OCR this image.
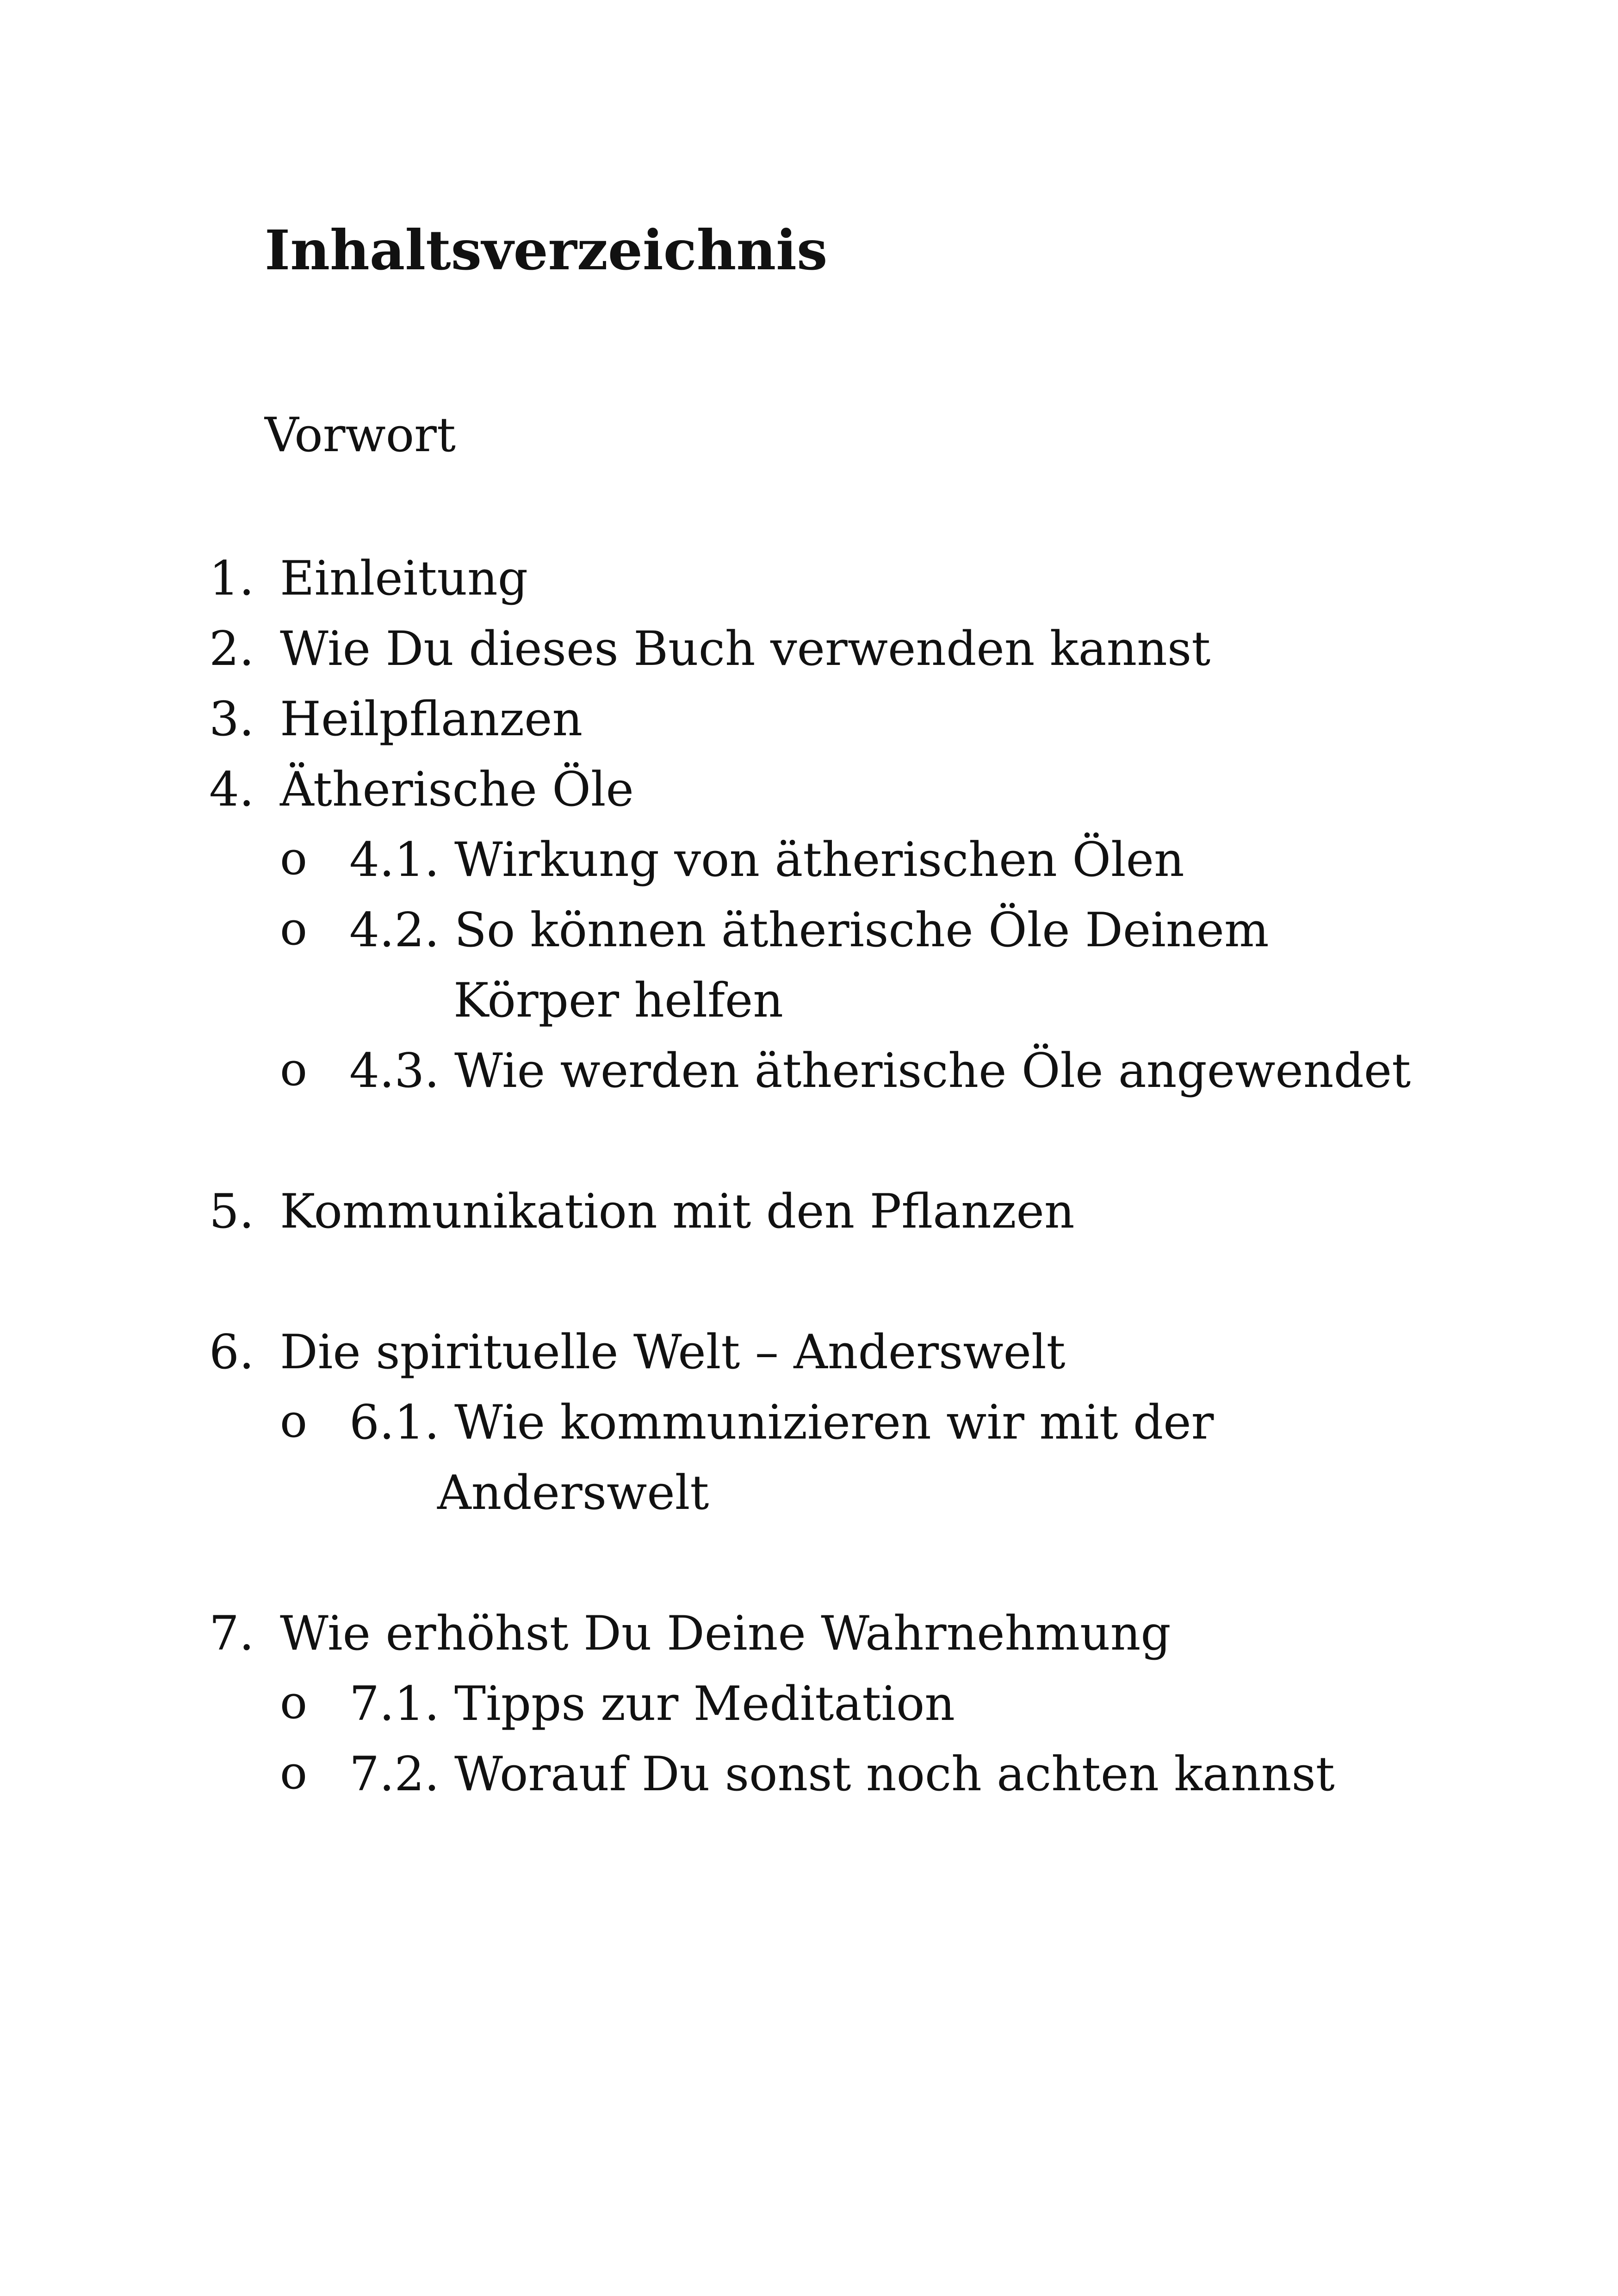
Inhaltsverzeichnis

Vorwort

1. Einleitung
2. Wie Du dieses Buch verwenden kannst
3. Heilpflanzen
4. Ätherische Öle
o 4.1. Wirkung von ätherischen Ölen
o 4.2. So können ätherische Öle Deinem
Körper helfen
o 4.3. Wie werden ätherische Öle angewendet
5. Kommunikation mit den Pflanzen
6. Die spirituelle Welt – Anderswelt
o 6.1. Wie kommunizieren wir mit der
Anderswelt
7. Wie erhöhst Du Deine Wahrnehmung
o 7.1. Tipps zur Meditation
o 7.2. Worauf Du sonst noch achten kannst
